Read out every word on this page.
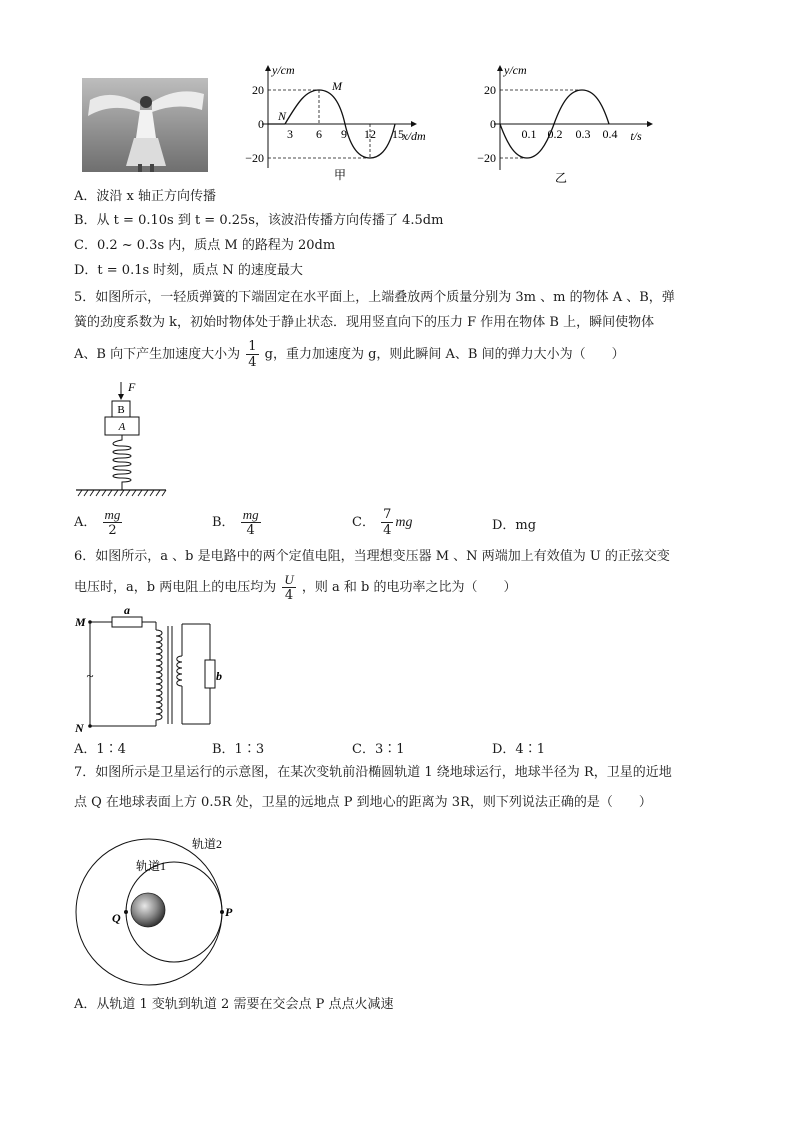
y/cm
x/dm
20
0
−20
3 6 9 12 15
M
N
甲
y/cm
t/s
20
0
−20
0.1 0.2 0.3 0.4
乙
A．波沿 x 轴正方向传播
B．从 t = 0.10s 到 t = 0.25s，该波沿传播方向传播了 4.5dm
C．0.2 ~ 0.3s 内，质点 M 的路程为 20dm
D．t = 0.1s 时刻，质点 N 的速度最大
5．如图所示，一轻质弹簧的下端固定在水平面上，上端叠放两个质量分别为 3m 、m 的物体 A 、B，弹
簧的劲度系数为 k，初始时物体处于静止状态．现用竖直向下的压力 F 作用在物体 B 上，瞬间使物体
A、B 向下产生加速度大小为 $\frac{1}{4}$ g，重力加速度为 g，则此瞬间 A、B 间的弹力大小为（　　）
F
B
A
A． $\frac{mg}{2}$	B． $\frac{mg}{4}$	C． $\frac{7}{4}$ mg	D．mg
6．如图所示，a 、b 是电路中的两个定值电阻，当理想变压器 M 、N 两端加上有效值为 U 的正弦交变
电压时，a，b 两电阻上的电压均为 $\frac{U}{4}$ ，则 a 和 b 的电功率之比为（　　）
M
N
~
a
b
A．1∶4	B．1∶3	C．3∶1	D．4∶1
7．如图所示是卫星运行的示意图，在某次变轨前沿椭圆轨道 1 绕地球运行，地球半径为 R，卫星的近地
点 Q 在地球表面上方 0.5R 处，卫星的远地点 P 到地心的距离为 3R，则下列说法正确的是（　　）
轨道2
轨道1
Q	P
A．从轨道 1 变轨到轨道 2 需要在交会点 P 点点火减速
